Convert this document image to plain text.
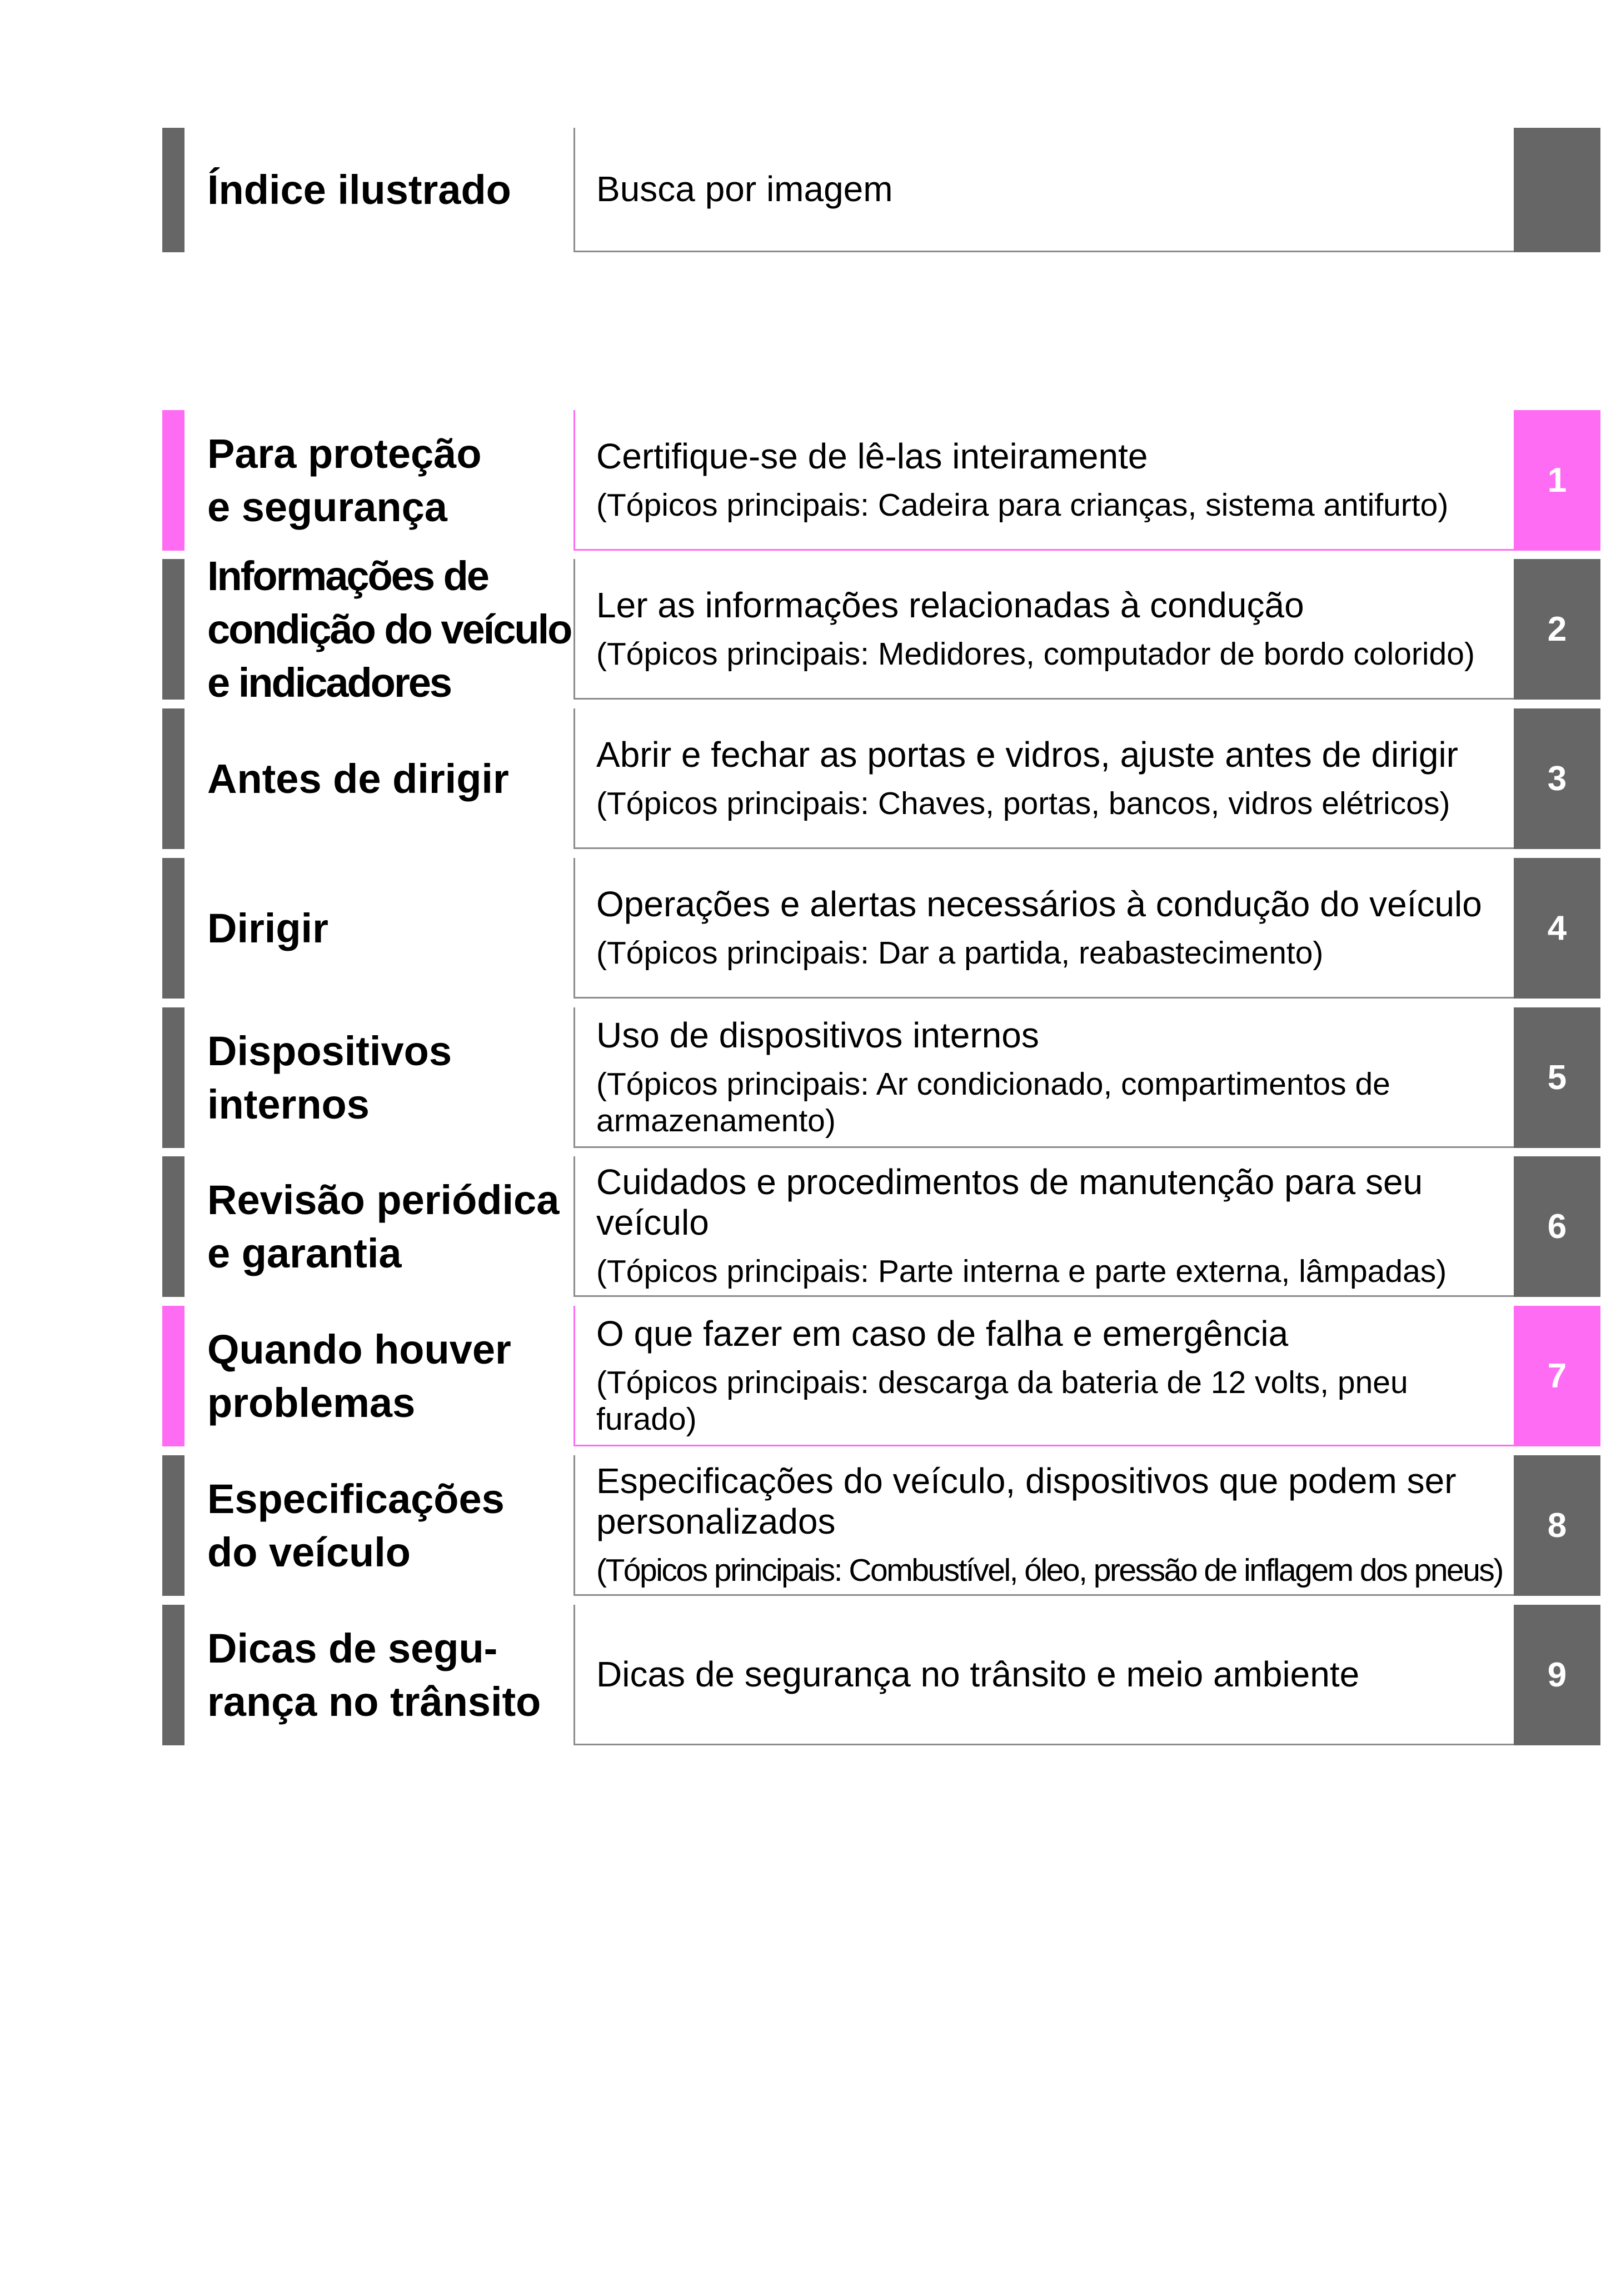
Índice ilustrado	Busca por imagem
Para proteção
e segurança
Certifique-se de lê-las inteiramente
(Tópicos principais: Cadeira para crianças, sistema antifurto)
1
Informações de
condição do veículo
e indicadores
Ler as informações relacionadas à condução
(Tópicos principais: Medidores, computador de bordo colorido)
2
Antes de dirigir
Abrir e fechar as portas e vidros, ajuste antes de dirigir
(Tópicos principais: Chaves, portas, bancos, vidros elétricos)
3
Dirigir
Operações e alertas necessários à condução do veículo
(Tópicos principais: Dar a partida, reabastecimento)
4
Dispositivos
internos
Uso de dispositivos internos
(Tópicos principais: Ar condicionado, compartimentos de armazenamento)
5
Revisão periódica
e garantia
Cuidados e procedimentos de manutenção para seu veículo
(Tópicos principais: Parte interna e parte externa, lâmpadas)
6
Quando houver
problemas
O que fazer em caso de falha e emergência
(Tópicos principais: descarga da bateria de 12 volts, pneu furado)
7
Especificações
do veículo
Especificações do veículo, dispositivos que podem ser personalizados
(Tópicos principais: Combustível, óleo, pressão de inflagem dos pneus)
8
Dicas de segu-
rança no trânsito
Dicas de segurança no trânsito e meio ambiente	9
